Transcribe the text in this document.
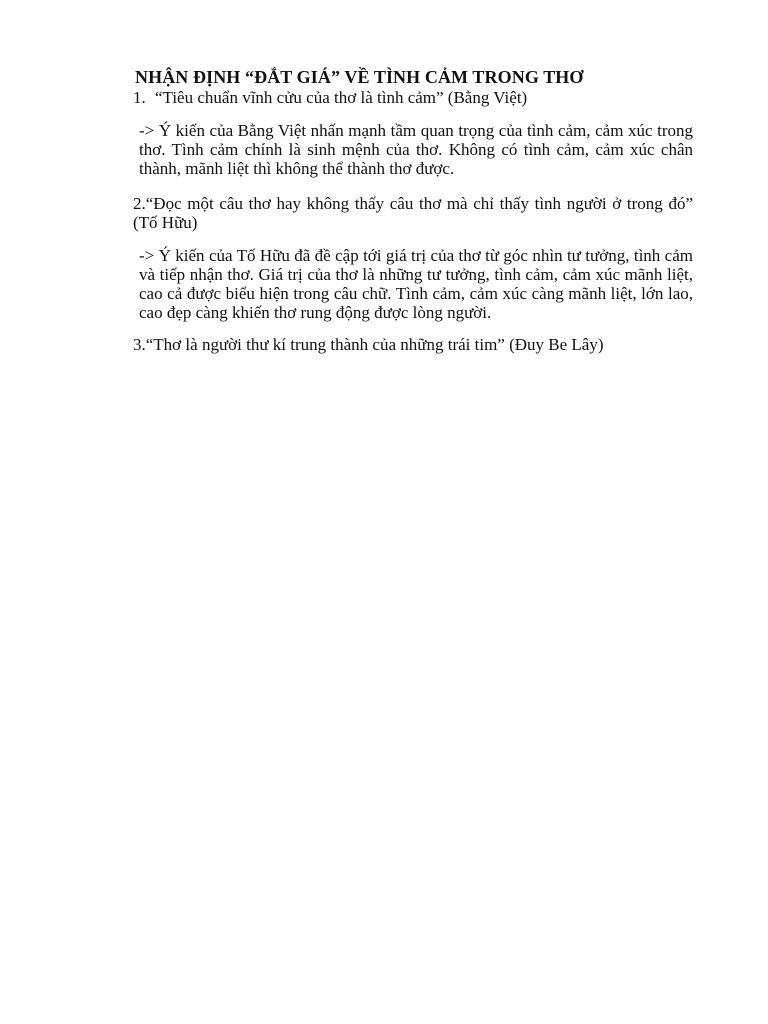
NHẬN ĐỊNH “ĐẮT GIÁ” VỀ TÌNH CẢM TRONG THƠ
1. “Tiêu chuẩn vĩnh cửu của thơ là tình cảm” (Bằng Việt)

-> Ý kiến của Bằng Việt nhấn mạnh tầm quan trọng của tình cảm, cảm xúc trong thơ. Tình cảm chính là sinh mệnh của thơ. Không có tình cảm, cảm xúc chân thành, mãnh liệt thì không thể thành thơ được.

2.“Đọc một câu thơ hay không thấy câu thơ mà chỉ thấy tình người ở trong đó” (Tố Hữu)

-> Ý kiến của Tố Hữu đã đề cập tới giá trị của thơ từ góc nhìn tư tưởng, tình cảm và tiếp nhận thơ. Giá trị của thơ là những tư tưởng, tình cảm, cảm xúc mãnh liệt, cao cả được biểu hiện trong câu chữ. Tình cảm, cảm xúc càng mãnh liệt, lớn lao, cao đẹp càng khiến thơ rung động được lòng người.

3.“Thơ là người thư kí trung thành của những trái tim” (Đuy Be Lây)
